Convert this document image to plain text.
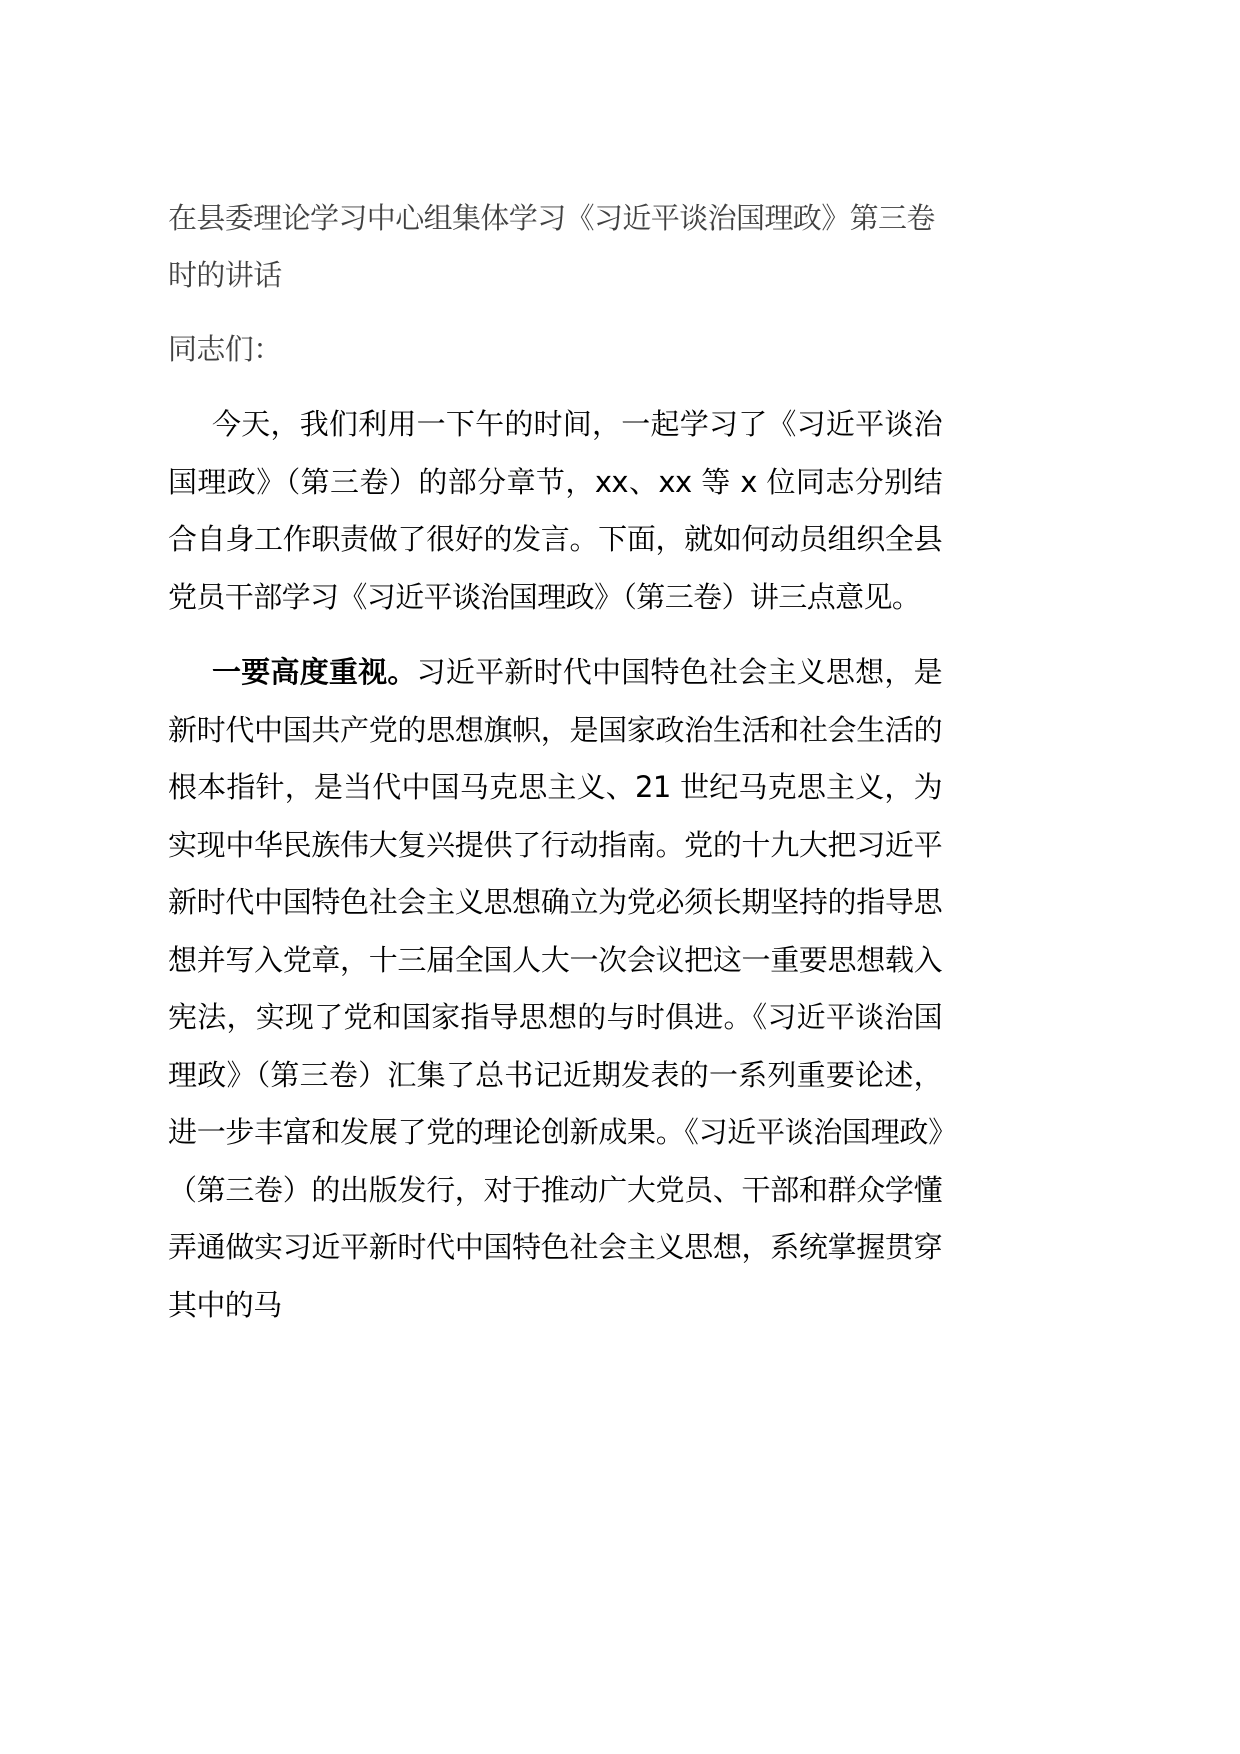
在县委理论学习中心组集体学习《习近平谈治国理政》第三卷时的讲话
同志们：

今天，我们利用一下午的时间，一起学习了《习近平谈治国理政》（第三卷）的部分章节，xx、xx 等 x 位同志分别结合自身工作职责做了很好的发言。下面，就如何动员组织全县党员干部学习《习近平谈治国理政》（第三卷）讲三点意见。

一要高度重视。习近平新时代中国特色社会主义思想，是新时代中国共产党的思想旗帜，是国家政治生活和社会生活的根本指针，是当代中国马克思主义、21 世纪马克思主义，为实现中华民族伟大复兴提供了行动指南。党的十九大把习近平新时代中国特色社会主义思想确立为党必须长期坚持的指导思想并写入党章，十三届全国人大一次会议把这一重要思想载入宪法，实现了党和国家指导思想的与时俱进。《习近平谈治国理政》（第三卷）汇集了总书记近期发表的一系列重要论述，进一步丰富和发展了党的理论创新成果。《习近平谈治国理政》（第三卷）的出版发行，对于推动广大党员、干部和群众学懂弄通做实习近平新时代中国特色社会主义思想，系统掌握贯穿其中的马
